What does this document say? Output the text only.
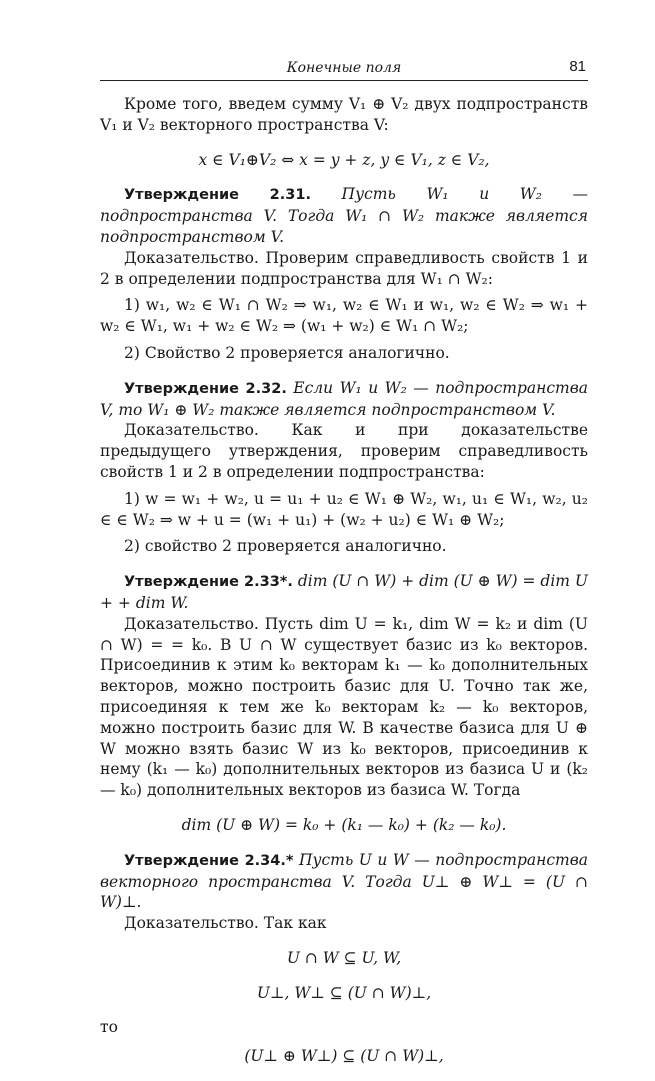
Конечные поля	81

Кроме того, введем сумму V₁ ⊕ V₂ двух подпространств V₁ и V₂ векторного пространства V:

x ∈ V₁⊕V₂ ⇔ x = y + z, y ∈ V₁, z ∈ V₂,

Утверждение 2.31. Пусть W₁ и W₂ — подпространства V. Тогда W₁ ∩ W₂ также является подпространством V.

Доказательство. Проверим справедливость свойств 1 и 2 в определении подпространства для W₁ ∩ W₂:

1) w₁, w₂ ∈ W₁ ∩ W₂ ⇒ w₁, w₂ ∈ W₁ и w₁, w₂ ∈ W₂ ⇒ w₁ + w₂ ∈ W₁, w₁ + w₂ ∈ W₂ ⇒ (w₁ + w₂) ∈ W₁ ∩ W₂;

2) Свойство 2 проверяется аналогично.

Утверждение 2.32. Если W₁ и W₂ — подпространства V, то W₁ ⊕ W₂ также является подпространством V.

Доказательство. Как и при доказательстве предыдущего утверждения, проверим справедливость свойств 1 и 2 в определении подпространства:

1) w = w₁ + w₂, u = u₁ + u₂ ∈ W₁ ⊕ W₂, w₁, u₁ ∈ W₁, w₂, u₂ ∈ ∈ W₂ ⇒ w + u = (w₁ + u₁) + (w₂ + u₂) ∈ W₁ ⊕ W₂;

2) свойство 2 проверяется аналогично.

Утверждение 2.33*. dim (U ∩ W) + dim (U ⊕ W) = dim U + + dim W.

Доказательство. Пусть dim U = k₁, dim W = k₂ и dim (U ∩ W) = = k₀. В U ∩ W существует базис из k₀ векторов. Присоединив к этим k₀ векторам k₁ — k₀ дополнительных векторов, можно построить базис для U. Точно так же, присоединяя к тем же k₀ векторам k₂ — k₀ векторов, можно построить базис для W. В качестве базиса для U ⊕ W можно взять базис W из k₀ векторов, присоединив к нему (k₁ — k₀) дополнительных векторов из базиса U и (k₂ — k₀) дополнительных векторов из базиса W. Тогда

dim (U ⊕ W) = k₀ + (k₁ — k₀) + (k₂ — k₀).

Утверждение 2.34.* Пусть U и W — подпространства векторного пространства V. Тогда U⊥ ⊕ W⊥ = (U ∩ W)⊥.

Доказательство. Так как

U ∩ W ⊆ U, W,

U⊥, W⊥ ⊆ (U ∩ W)⊥,

то

(U⊥ ⊕ W⊥) ⊆ (U ∩ W)⊥,
